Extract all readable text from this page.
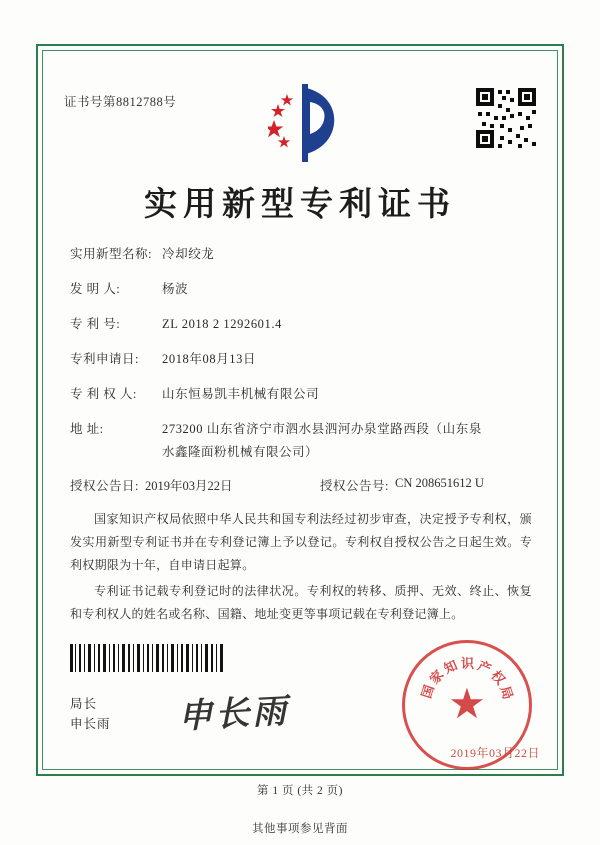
证书号第8812788号
实用新型专利证书
实用新型名称: 冷却绞龙
发 明 人:	杨波
专 利 号:	ZL 2018 2 1292601.4
专利申请日:	2018年08月13日
专 利 权 人:	山东恒易凯丰机械有限公司
地 址:	273200 山东省济宁市泗水县泗河办泉堂路西段（山东泉
水鑫隆面粉机械有限公司）
授权公告日: 2019年03月22日	授权公告号: CN 208651612 U
国家知识产权局依照中华人民共和国专利法经过初步审查，决定授予专利权，颁发实用新型专利证书并在专利登记簿上予以登记。专利权自授权公告之日起生效。专利权期限为十年，自申请日起算。
专利证书记载专利登记时的法律状况。专利权的转移、质押、无效、终止、恢复和专利权人的姓名或名称、国籍、地址变更等事项记载在专利登记簿上。
局长
申长雨 申长雨	★
国
家
知 识 产
权
局
2019年03月22日
第 1 页 (共 2 页)
其他事项参见背面
